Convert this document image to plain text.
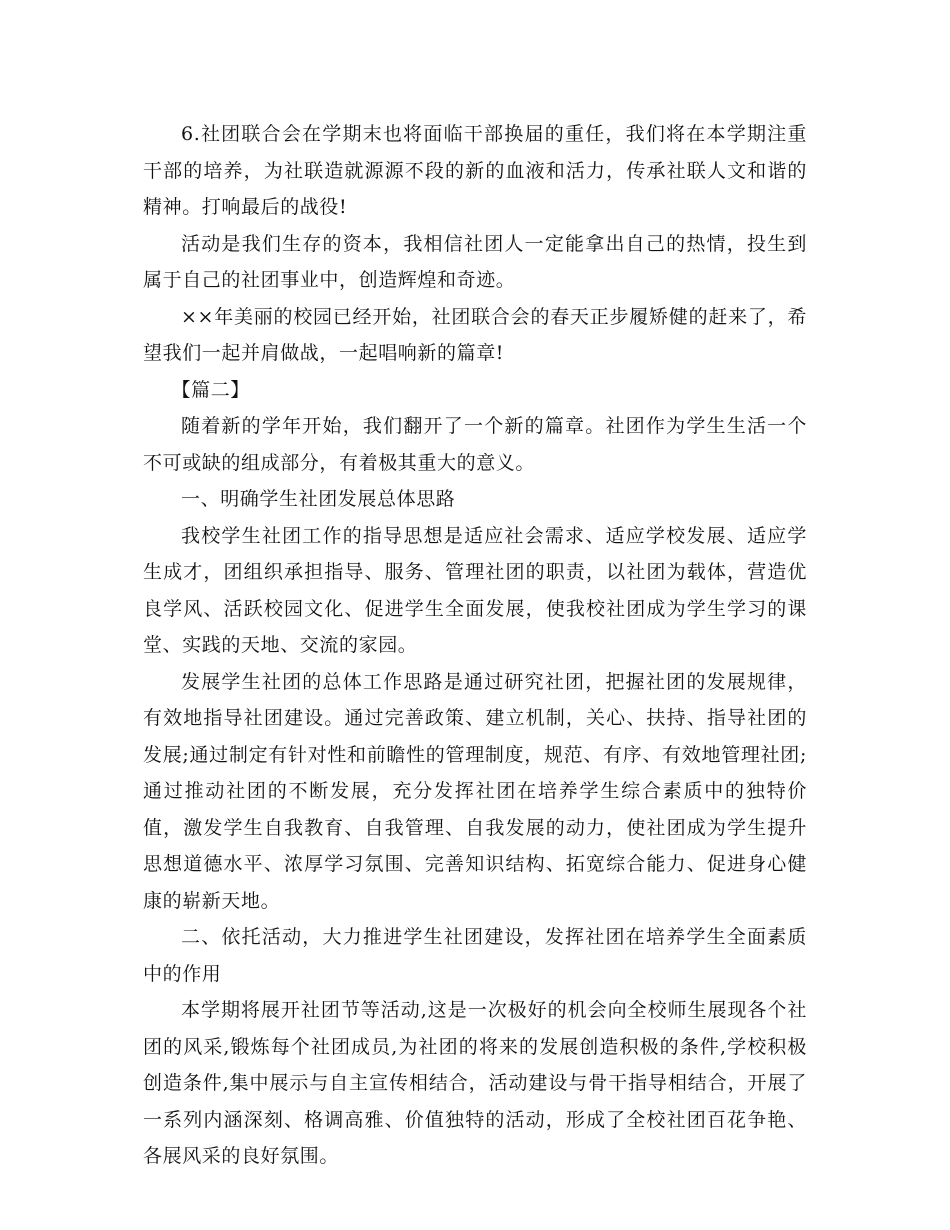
6.社团联合会在学期末也将面临干部换届的重任，我们将在本学期注重干部的培养，为社联造就源源不段的新的血液和活力，传承社联人文和谐的精神。打响最后的战役!

活动是我们生存的资本，我相信社团人一定能拿出自己的热情，投生到属于自己的社团事业中，创造辉煌和奇迹。

××年美丽的校园已经开始，社团联合会的春天正步履矫健的赶来了，希望我们一起并肩做战，一起唱响新的篇章!

【篇二】

随着新的学年开始，我们翻开了一个新的篇章。社团作为学生生活一个不可或缺的组成部分，有着极其重大的意义。

一、明确学生社团发展总体思路

我校学生社团工作的指导思想是适应社会需求、适应学校发展、适应学生成才，团组织承担指导、服务、管理社团的职责，以社团为载体，营造优良学风、活跃校园文化、促进学生全面发展，使我校社团成为学生学习的课堂、实践的天地、交流的家园。

发展学生社团的总体工作思路是通过研究社团，把握社团的发展规律，有效地指导社团建设。通过完善政策、建立机制，关心、扶持、指导社团的发展;通过制定有针对性和前瞻性的管理制度，规范、有序、有效地管理社团;通过推动社团的不断发展，充分发挥社团在培养学生综合素质中的独特价值，激发学生自我教育、自我管理、自我发展的动力，使社团成为学生提升思想道德水平、浓厚学习氛围、完善知识结构、拓宽综合能力、促进身心健康的崭新天地。

二、依托活动，大力推进学生社团建设，发挥社团在培养学生全面素质中的作用

本学期将展开社团节等活动,这是一次极好的机会向全校师生展现各个社团的风采,锻炼每个社团成员,为社团的将来的发展创造积极的条件,学校积极创造条件,集中展示与自主宣传相结合，活动建设与骨干指导相结合，开展了一系列内涵深刻、格调高雅、价值独特的活动，形成了全校社团百花争艳、各展风采的良好氛围。
